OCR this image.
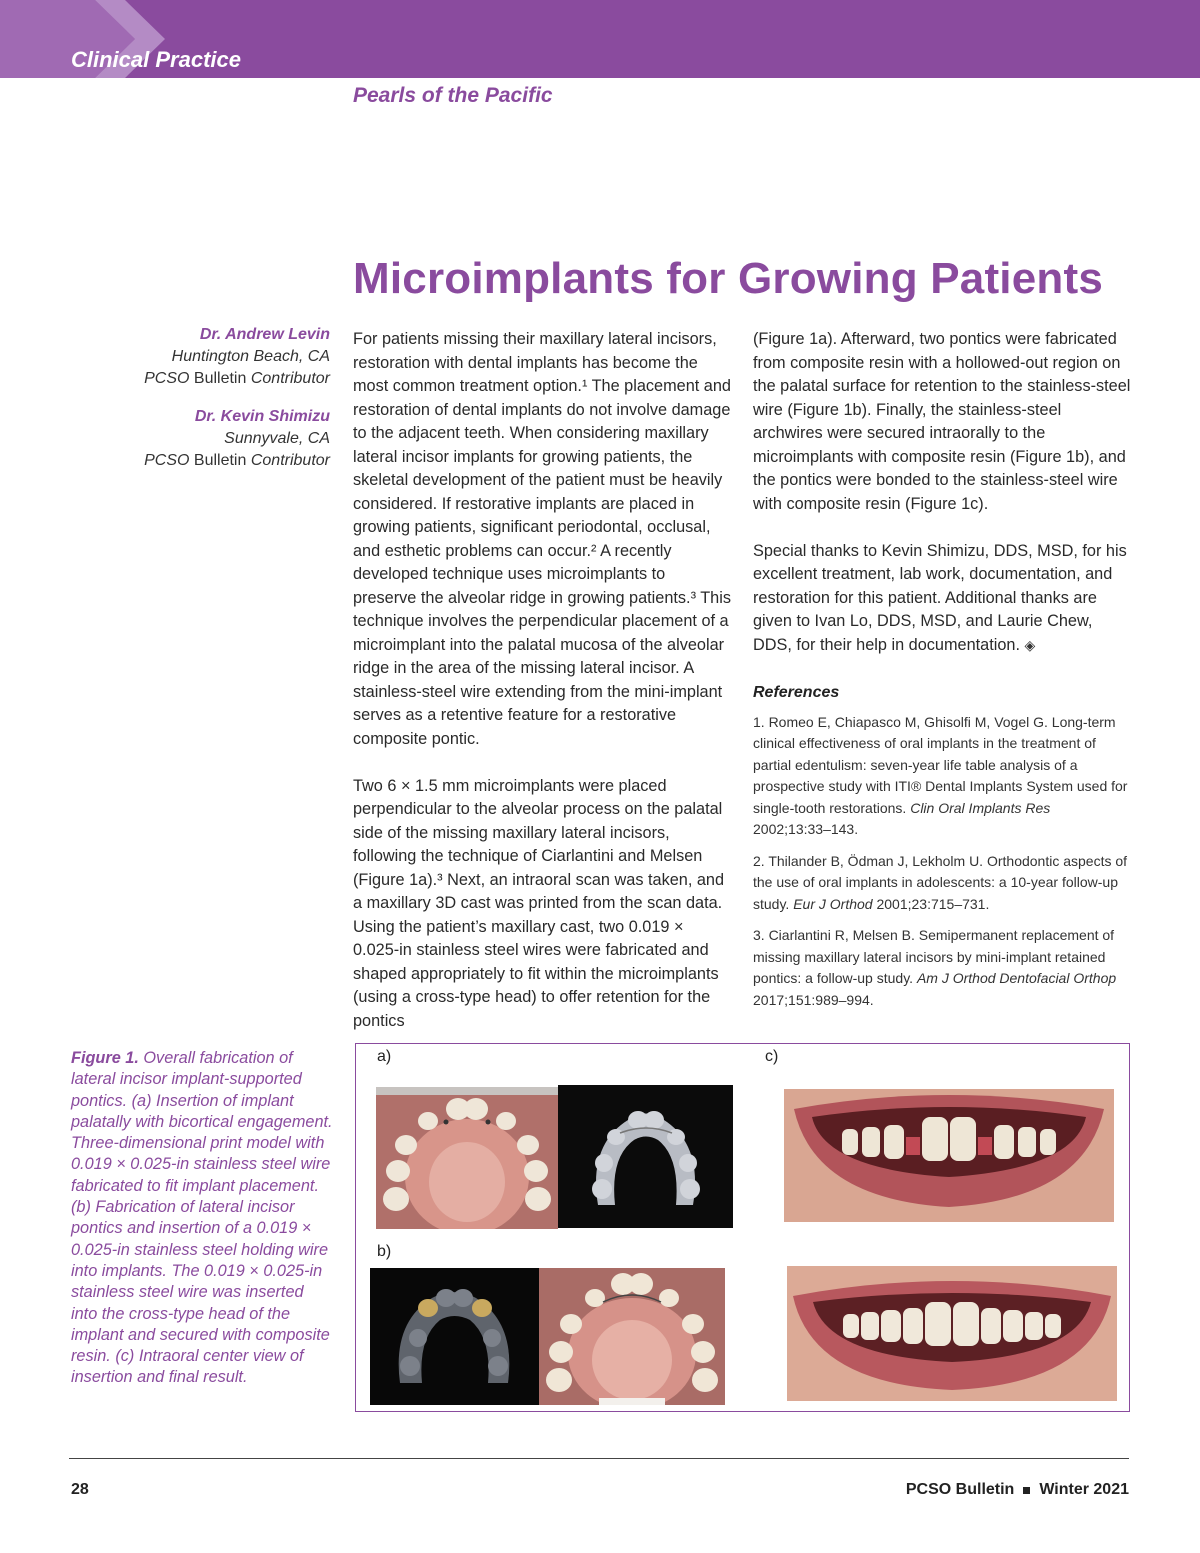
Clinical Practice
Pearls of the Pacific
Microimplants for Growing Patients
Dr. Andrew Levin
Huntington Beach, CA
PCSO Bulletin Contributor
Dr. Kevin Shimizu
Sunnyvale, CA
PCSO Bulletin Contributor

For patients missing their maxillary lateral incisors, restoration with dental implants has become the most common treatment option.¹ The placement and restoration of dental implants do not involve damage to the adjacent teeth. When considering maxillary lateral incisor implants for growing patients, the skeletal development of the patient must be heavily considered. If restorative implants are placed in growing patients, significant periodontal, occlusal, and esthetic problems can occur.² A recently developed technique uses microimplants to preserve the alveolar ridge in growing patients.³ This technique involves the perpendicular placement of a microimplant into the palatal mucosa of the alveolar ridge in the area of the missing lateral incisor. A stainless-steel wire extending from the mini-implant serves as a retentive feature for a restorative composite pontic.

Two 6 × 1.5 mm microimplants were placed perpendicular to the alveolar process on the palatal side of the missing maxillary lateral incisors, following the technique of Ciarlantini and Melsen (Figure 1a).³ Next, an intraoral scan was taken, and a maxillary 3D cast was printed from the scan data. Using the patient’s maxillary cast, two 0.019 × 0.025-in stainless steel wires were fabricated and shaped appropriately to fit within the microimplants (using a cross-type head) to offer retention for the pontics

(Figure 1a). Afterward, two pontics were fabricated from composite resin with a hollowed-out region on the palatal surface for retention to the stainless-steel wire (Figure 1b). Finally, the stainless-steel archwires were secured intraorally to the microimplants with composite resin (Figure 1b), and the pontics were bonded to the stainless-steel wire with composite resin (Figure 1c).

Special thanks to Kevin Shimizu, DDS, MSD, for his excellent treatment, lab work, documentation, and restoration for this patient. Additional thanks are given to Ivan Lo, DDS, MSD, and Laurie Chew, DDS, for their help in documentation. ◈

References
1. Romeo E, Chiapasco M, Ghisolfi M, Vogel G. Long-term clinical effectiveness of oral implants in the treatment of partial edentulism: seven-year life table analysis of a prospective study with ITI® Dental Implants System used for single-tooth restorations. Clin Oral Implants Res 2002;13:33–143.
2. Thilander B, Ödman J, Lekholm U. Orthodontic aspects of the use of oral implants in adolescents: a 10-year follow-up study. Eur J Orthod 2001;23:715–731.
3. Ciarlantini R, Melsen B. Semipermanent replacement of missing maxillary lateral incisors by mini-implant retained pontics: a follow-up study. Am J Orthod Dentofacial Orthop 2017;151:989–994.
Figure 1. Overall fabrication of lateral incisor implant-supported pontics. (a) Insertion of implant palatally with bicortical engagement. Three-dimensional print model with 0.019 × 0.025-in stainless steel wire fabricated to fit implant placement. (b) Fabrication of lateral incisor pontics and insertion of a 0.019 × 0.025-in stainless steel holding wire into implants. The 0.019 × 0.025-in stainless steel wire was inserted into the cross-type head of the implant and secured with composite resin. (c) Intraoral center view of insertion and final result.
a)	c)
b)
28	PCSO Bulletin Winter 2021
